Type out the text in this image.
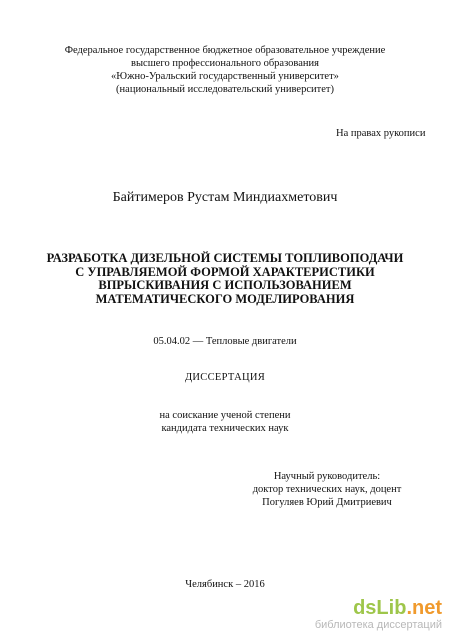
Федеральное государственное бюджетное образовательное учреждение
высшего профессионального образования
«Южно-Уральский государственный университет»
(национальный исследовательский университет)
На правах рукописи
Байтимеров Рустам Миндиахметович
РАЗРАБОТКА ДИЗЕЛЬНОЙ СИСТЕМЫ ТОПЛИВОПОДАЧИ
С УПРАВЛЯЕМОЙ ФОРМОЙ ХАРАКТЕРИСТИКИ
ВПРЫСКИВАНИЯ С ИСПОЛЬЗОВАНИЕМ
МАТЕМАТИЧЕСКОГО МОДЕЛИРОВАНИЯ
05.04.02 — Тепловые двигатели
ДИССЕРТАЦИЯ
на соискание ученой степени
кандидата технических наук
Научный руководитель:
доктор технических наук, доцент
Погуляев Юрий Дмитриевич
Челябинск – 2016
dsLib.net
библиотека диссертаций
